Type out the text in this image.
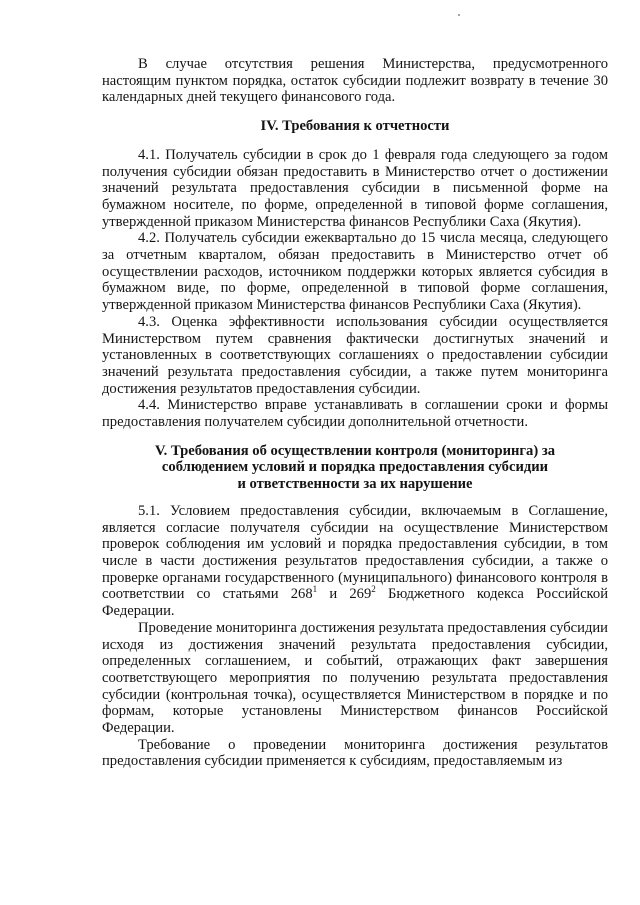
В случае отсутствия решения Министерства, предусмотренного настоящим пунктом порядка, остаток субсидии подлежит возврату в течение 30 календарных дней текущего финансового года.

IV. Требования к отчетности

4.1. Получатель субсидии в срок до 1 февраля года следующего за годом получения субсидии обязан предоставить в Министерство отчет о достижении значений результата предоставления субсидии в письменной форме на бумажном носителе, по форме, определенной в типовой форме соглашения, утвержденной приказом Министерства финансов Республики Саха (Якутия).

4.2. Получатель субсидии ежеквартально до 15 числа месяца, следующего за отчетным кварталом, обязан предоставить в Министерство отчет об осуществлении расходов, источником поддержки которых является субсидия в бумажном виде, по форме, определенной в типовой форме соглашения, утвержденной приказом Министерства финансов Республики Саха (Якутия).

4.3. Оценка эффективности использования субсидии осуществляется Министерством путем сравнения фактически достигнутых значений и установленных в соответствующих соглашениях о предоставлении субсидии значений результата предоставления субсидии, а также путем мониторинга достижения результатов предоставления субсидии.

4.4. Министерство вправе устанавливать в соглашении сроки и формы предоставления получателем субсидии дополнительной отчетности.

V. Требования об осуществлении контроля (мониторинга) за
соблюдением условий и порядка предоставления субсидии
и ответственности за их нарушение

5.1. Условием предоставления субсидии, включаемым в Соглашение, является согласие получателя субсидии на осуществление Министерством проверок соблюдения им условий и порядка предоставления субсидии, в том числе в части достижения результатов предоставления субсидии, а также о проверке органами государственного (муниципального) финансового контроля в соответствии со статьями $268^1$ и $269^2$ Бюджетного кодекса Российской Федерации.

Проведение мониторинга достижения результата предоставления субсидии исходя из достижения значений результата предоставления субсидии, определенных соглашением, и событий, отражающих факт завершения соответствующего мероприятия по получению результата предоставления субсидии (контрольная точка), осуществляется Министерством в порядке и по формам, которые установлены Министерством финансов Российской Федерации.

Требование о проведении мониторинга достижения результатов предоставления субсидии применяется к субсидиям, предоставляемым из
